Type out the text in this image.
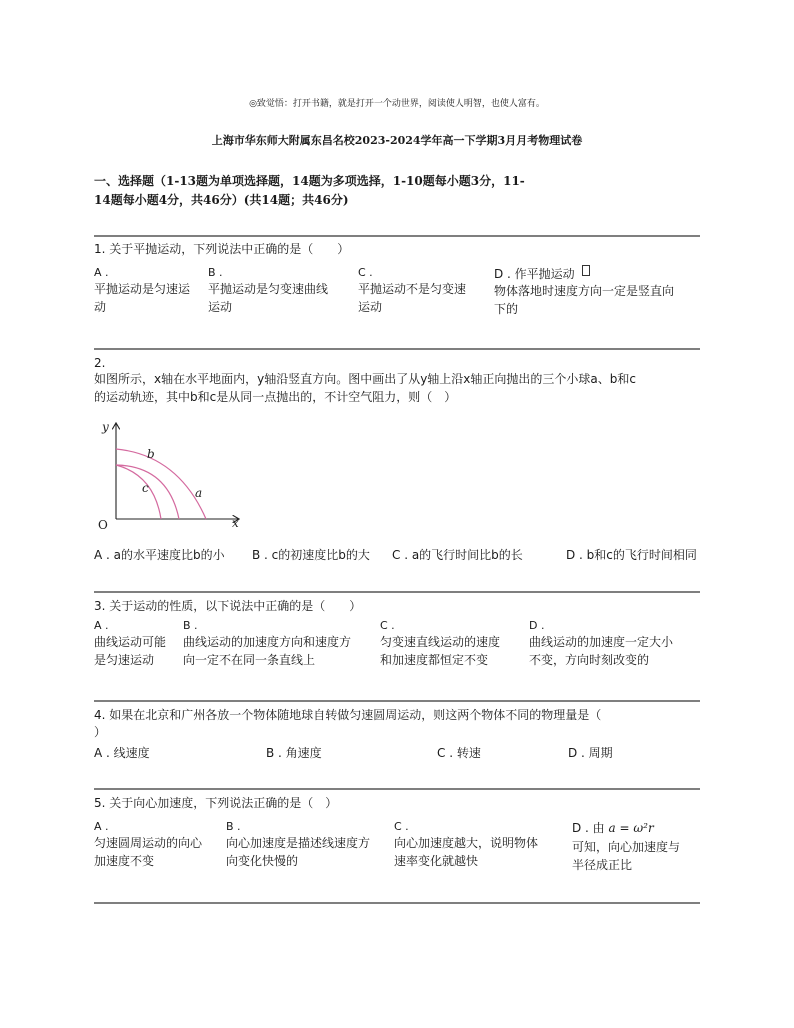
◎致觉悟：打开书籍，就是打开一个动世界，阅读使人明智，也使人富有。
上海市华东师大附属东昌名校2023-2024学年高一下学期3月月考物理试卷
一、选择题（1-13题为单项选择题，14题为多项选择，1-10题每小题3分，11-
14题每小题4分，共46分）(共14题；共46分)
1. 关于平抛运动，下列说法中正确的是（　　）
A .
平抛运动是匀速运
动
B .
平抛运动是匀变速曲线
运动
C .
平抛运动不是匀变速
运动
D . 作平抛运动
物体落地时速度方向一定是竖直向
下的
2.
如图所示，x轴在水平地面内，y轴沿竖直方向。图中画出了从y轴上沿x轴正向抛出的三个小球a、b和c
的运动轨迹，其中b和c是从同一点抛出的，不计空气阻力，则（　）
y
x
O
a
b
c
A . a的水平速度比b的小 B . c的初速度比b的大 C . a的飞行时间比b的长	D . b和c的飞行时间相同
3. 关于运动的性质，以下说法中正确的是（　　）
A .
曲线运动可能
是匀速运动
B .
曲线运动的加速度方向和速度方
向一定不在同一条直线上
C .
匀变速直线运动的速度
和加速度都恒定不变
D .
曲线运动的加速度一定大小
不变，方向时刻改变的
4. 如果在北京和广州各放一个物体随地球自转做匀速圆周运动，则这两个物体不同的物理量是（
）
A . 线速度	B . 角速度	C . 转速	D . 周期
5. 关于向心加速度，下列说法正确的是（　）
A .
匀速圆周运动的向心
加速度不变
B .
向心加速度是描述线速度方
向变化快慢的
C .
向心加速度越大，说明物体
速率变化就越快
D . 由 a = ω²r
可知，向心加速度与
半径成正比
